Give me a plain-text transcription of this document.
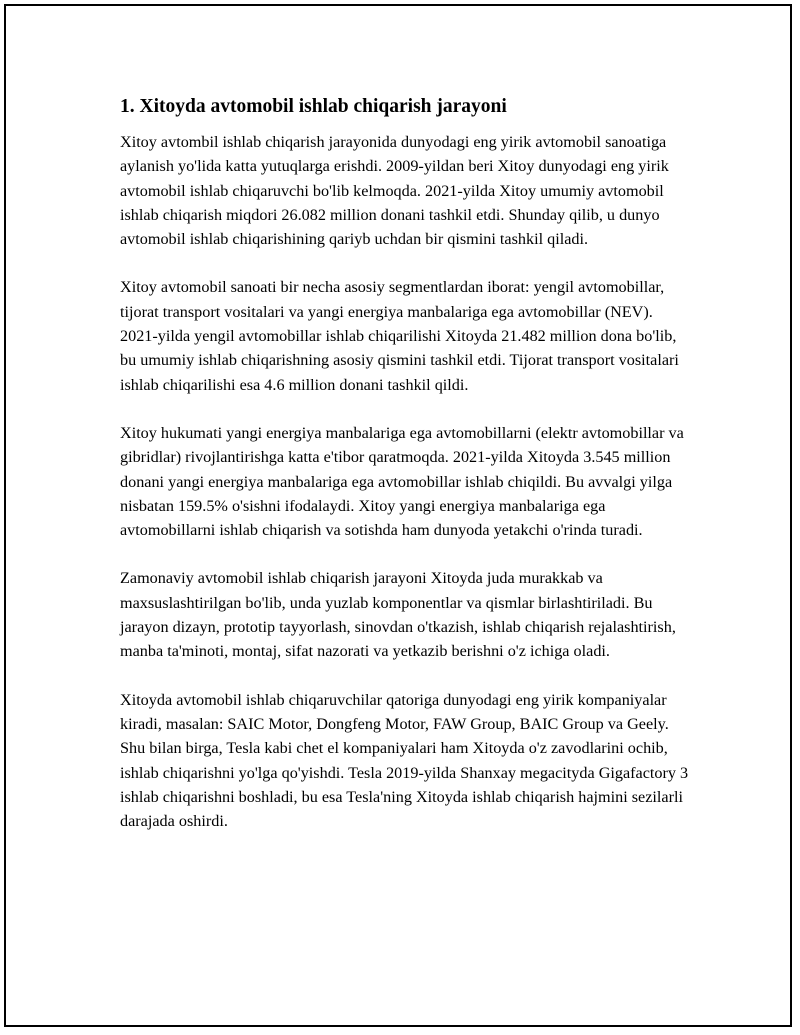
1. Xitoyda avtomobil ishlab chiqarish jarayoni

Xitoy avtombil ishlab chiqarish jarayonida dunyodagi eng yirik avtomobil sanoatiga aylanish yo'lida katta yutuqlarga erishdi. 2009-yildan beri Xitoy dunyodagi eng yirik avtomobil ishlab chiqaruvchi bo'lib kelmoqda. 2021-yilda Xitoy umumiy avtomobil ishlab chiqarish miqdori 26.082 million donani tashkil etdi. Shunday qilib, u dunyo avtomobil ishlab chiqarishining qariyb uchdan bir qismini tashkil qiladi.

Xitoy avtomobil sanoati bir necha asosiy segmentlardan iborat: yengil avtomobillar, tijorat transport vositalari va yangi energiya manbalariga ega avtomobillar (NEV). 2021-yilda yengil avtomobillar ishlab chiqarilishi Xitoyda 21.482 million dona bo'lib, bu umumiy ishlab chiqarishning asosiy qismini tashkil etdi. Tijorat transport vositalari ishlab chiqarilishi esa 4.6 million donani tashkil qildi.

Xitoy hukumati yangi energiya manbalariga ega avtomobillarni (elektr avtomobillar va gibridlar) rivojlantirishga katta e'tibor qaratmoqda. 2021-yilda Xitoyda 3.545 million donani yangi energiya manbalariga ega avtomobillar ishlab chiqildi. Bu avvalgi yilga nisbatan 159.5% o'sishni ifodalaydi. Xitoy yangi energiya manbalariga ega avtomobillarni ishlab chiqarish va sotishda ham dunyoda yetakchi o'rinda turadi.

Zamonaviy avtomobil ishlab chiqarish jarayoni Xitoyda juda murakkab va maxsuslashtirilgan bo'lib, unda yuzlab komponentlar va qismlar birlashtiriladi. Bu jarayon dizayn, prototip tayyorlash, sinovdan o'tkazish, ishlab chiqarish rejalashtirish, manba ta'minoti, montaj, sifat nazorati va yetkazib berishni o'z ichiga oladi.

Xitoyda avtomobil ishlab chiqaruvchilar qatoriga dunyodagi eng yirik kompaniyalar kiradi, masalan: SAIC Motor, Dongfeng Motor, FAW Group, BAIC Group va Geely. Shu bilan birga, Tesla kabi chet el kompaniyalari ham Xitoyda o'z zavodlarini ochib, ishlab chiqarishni yo'lga qo'yishdi. Tesla 2019-yilda Shanxay megacityda Gigafactory 3 ishlab chiqarishni boshladi, bu esa Tesla'ning Xitoyda ishlab chiqarish hajmini sezilarli darajada oshirdi.
